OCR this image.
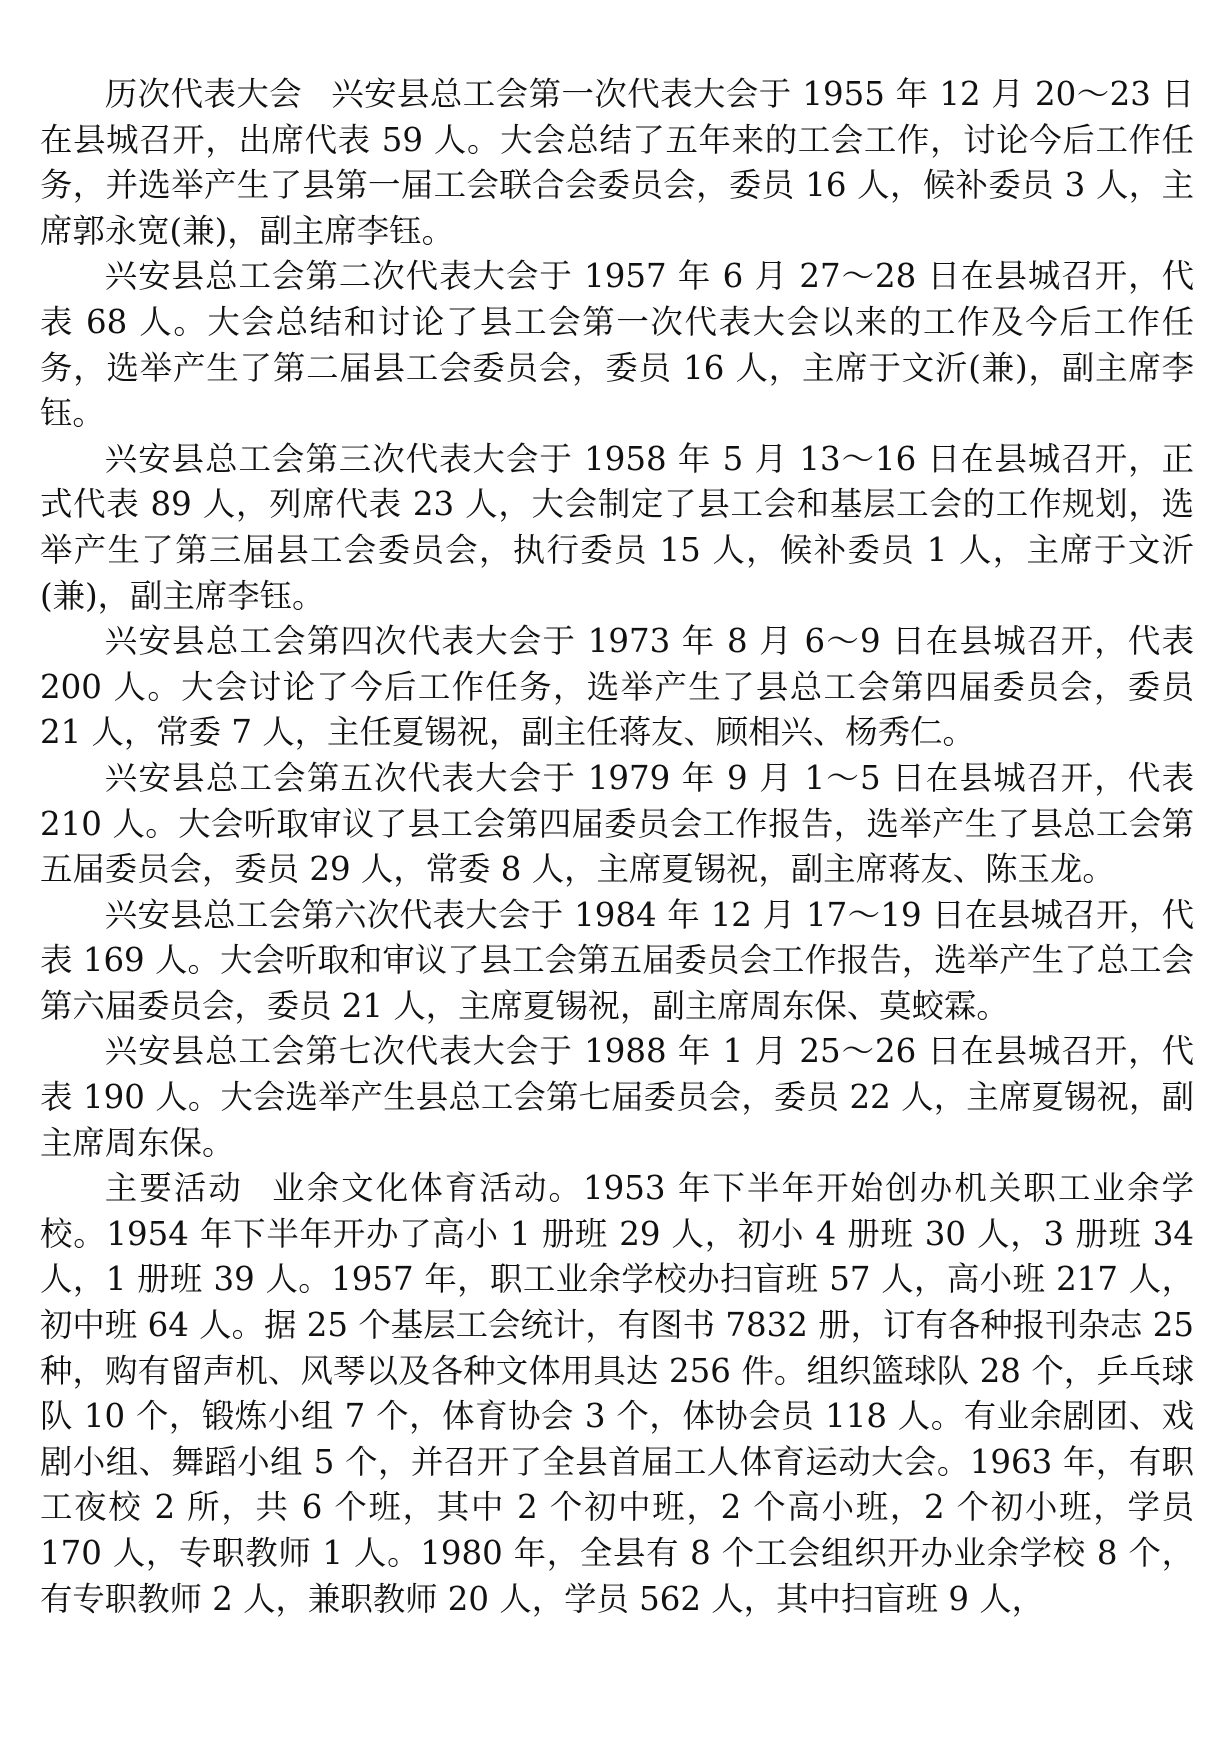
历次代表大会 兴安县总工会第一次代表大会于 1955 年 12 月 20～23 日在县城召开，出席代表 59 人。大会总结了五年来的工会工作，讨论今后工作任务，并选举产生了县第一届工会联合会委员会，委员 16 人，候补委员 3 人，主席郭永宽(兼)，副主席李钰。

兴安县总工会第二次代表大会于 1957 年 6 月 27～28 日在县城召开，代表 68 人。大会总结和讨论了县工会第一次代表大会以来的工作及今后工作任务，选举产生了第二届县工会委员会，委员 16 人，主席于文沂(兼)，副主席李钰。

兴安县总工会第三次代表大会于 1958 年 5 月 13～16 日在县城召开，正式代表 89 人，列席代表 23 人，大会制定了县工会和基层工会的工作规划，选举产生了第三届县工会委员会，执行委员 15 人，候补委员 1 人，主席于文沂(兼)，副主席李钰。

兴安县总工会第四次代表大会于 1973 年 8 月 6～9 日在县城召开，代表 200 人。大会讨论了今后工作任务，选举产生了县总工会第四届委员会，委员 21 人，常委 7 人，主任夏锡祝，副主任蒋友、顾相兴、杨秀仁。

兴安县总工会第五次代表大会于 1979 年 9 月 1～5 日在县城召开，代表 210 人。大会听取审议了县工会第四届委员会工作报告，选举产生了县总工会第五届委员会，委员 29 人，常委 8 人，主席夏锡祝，副主席蒋友、陈玉龙。

兴安县总工会第六次代表大会于 1984 年 12 月 17～19 日在县城召开，代表 169 人。大会听取和审议了县工会第五届委员会工作报告，选举产生了总工会第六届委员会，委员 21 人，主席夏锡祝，副主席周东保、莫蛟霖。

兴安县总工会第七次代表大会于 1988 年 1 月 25～26 日在县城召开，代表 190 人。大会选举产生县总工会第七届委员会，委员 22 人，主席夏锡祝，副主席周东保。

主要活动 业余文化体育活动。1953 年下半年开始创办机关职工业余学校。1954 年下半年开办了高小 1 册班 29 人，初小 4 册班 30 人，3 册班 34 人，1 册班 39 人。1957 年，职工业余学校办扫盲班 57 人，高小班 217 人，初中班 64 人。据 25 个基层工会统计，有图书 7832 册，订有各种报刊杂志 25 种，购有留声机、风琴以及各种文体用具达 256 件。组织篮球队 28 个，乒乓球队 10 个，锻炼小组 7 个，体育协会 3 个，体协会员 118 人。有业余剧团、戏剧小组、舞蹈小组 5 个，并召开了全县首届工人体育运动大会。1963 年，有职工夜校 2 所，共 6 个班，其中 2 个初中班，2 个高小班，2 个初小班，学员 170 人，专职教师 1 人。1980 年，全县有 8 个工会组织开办业余学校 8 个，有专职教师 2 人，兼职教师 20 人，学员 562 人，其中扫盲班 9 人，
